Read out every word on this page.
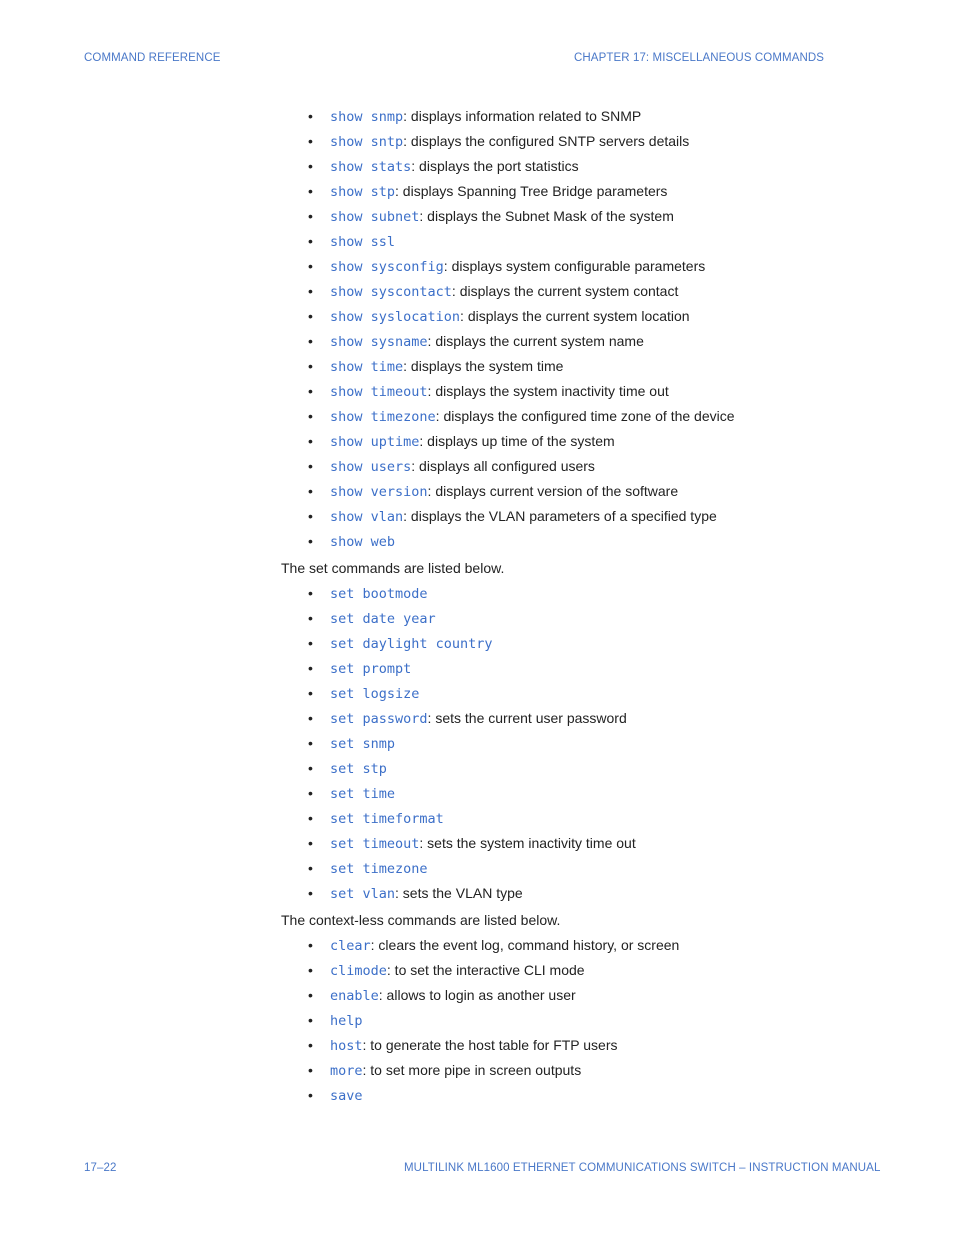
COMMAND REFERENCE	CHAPTER 17: MISCELLANEOUS COMMANDS
• show snmp: displays information related to SNMP
• show sntp: displays the configured SNTP servers details
• show stats: displays the port statistics
• show stp: displays Spanning Tree Bridge parameters
• show subnet: displays the Subnet Mask of the system
• show ssl
• show sysconfig: displays system configurable parameters
• show syscontact: displays the current system contact
• show syslocation: displays the current system location
• show sysname: displays the current system name
• show time: displays the system time
• show timeout: displays the system inactivity time out
• show timezone: displays the configured time zone of the device
• show uptime: displays up time of the system
• show users: displays all configured users
• show version: displays current version of the software
• show vlan: displays the VLAN parameters of a specified type
• show web
The set commands are listed below.
• set bootmode
• set date year
• set daylight country
• set prompt
• set logsize
• set password: sets the current user password
• set snmp
• set stp
• set time
• set timeformat
• set timeout: sets the system inactivity time out
• set timezone
• set vlan: sets the VLAN type
The context-less commands are listed below.
• clear: clears the event log, command history, or screen
• climode: to set the interactive CLI mode
• enable: allows to login as another user
• help
• host: to generate the host table for FTP users
• more: to set more pipe in screen outputs
• save
17–22	MULTILINK ML1600 ETHERNET COMMUNICATIONS SWITCH – INSTRUCTION MANUAL
